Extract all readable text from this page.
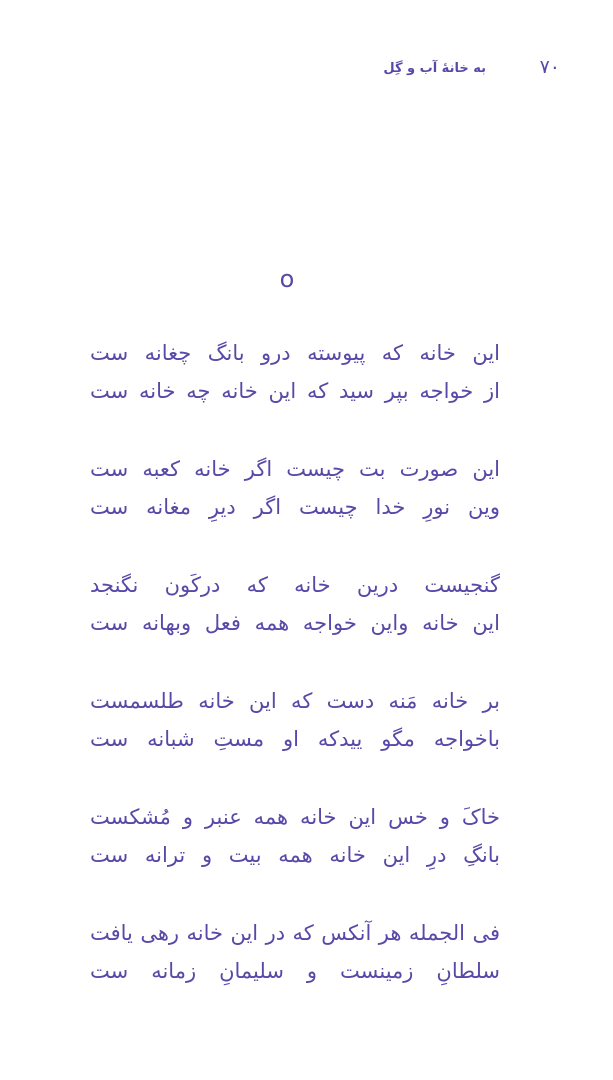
۷۰
به خانهٔ آب و گِل
o
این خانه که پیوسته درو بانگ چغانه ست
از خواجه بپر سید که این خانه چه خانه ست
این صورت بت چیست اگر خانه کعبه ست
وین نورِ خدا چیست اگر دیرِ مغانه ست
گنجیست درین خانه که درکَون نگنجد
این خانه واین خواجه همه فعل وبهانه ست
بر خانه مَنه دست که این خانه طلسمست
باخواجه مگو ییدکه او مستِ شبانه ست
خاکَ و خس این خانه همه عنبر و مُشکست
بانگِ درِ این خانه همه بیت و ترانه ست
فی الجمله هر آنکس که در این خانه رهی یافت
سلطانِ زمینست و سلیمانِ زمانه ست
